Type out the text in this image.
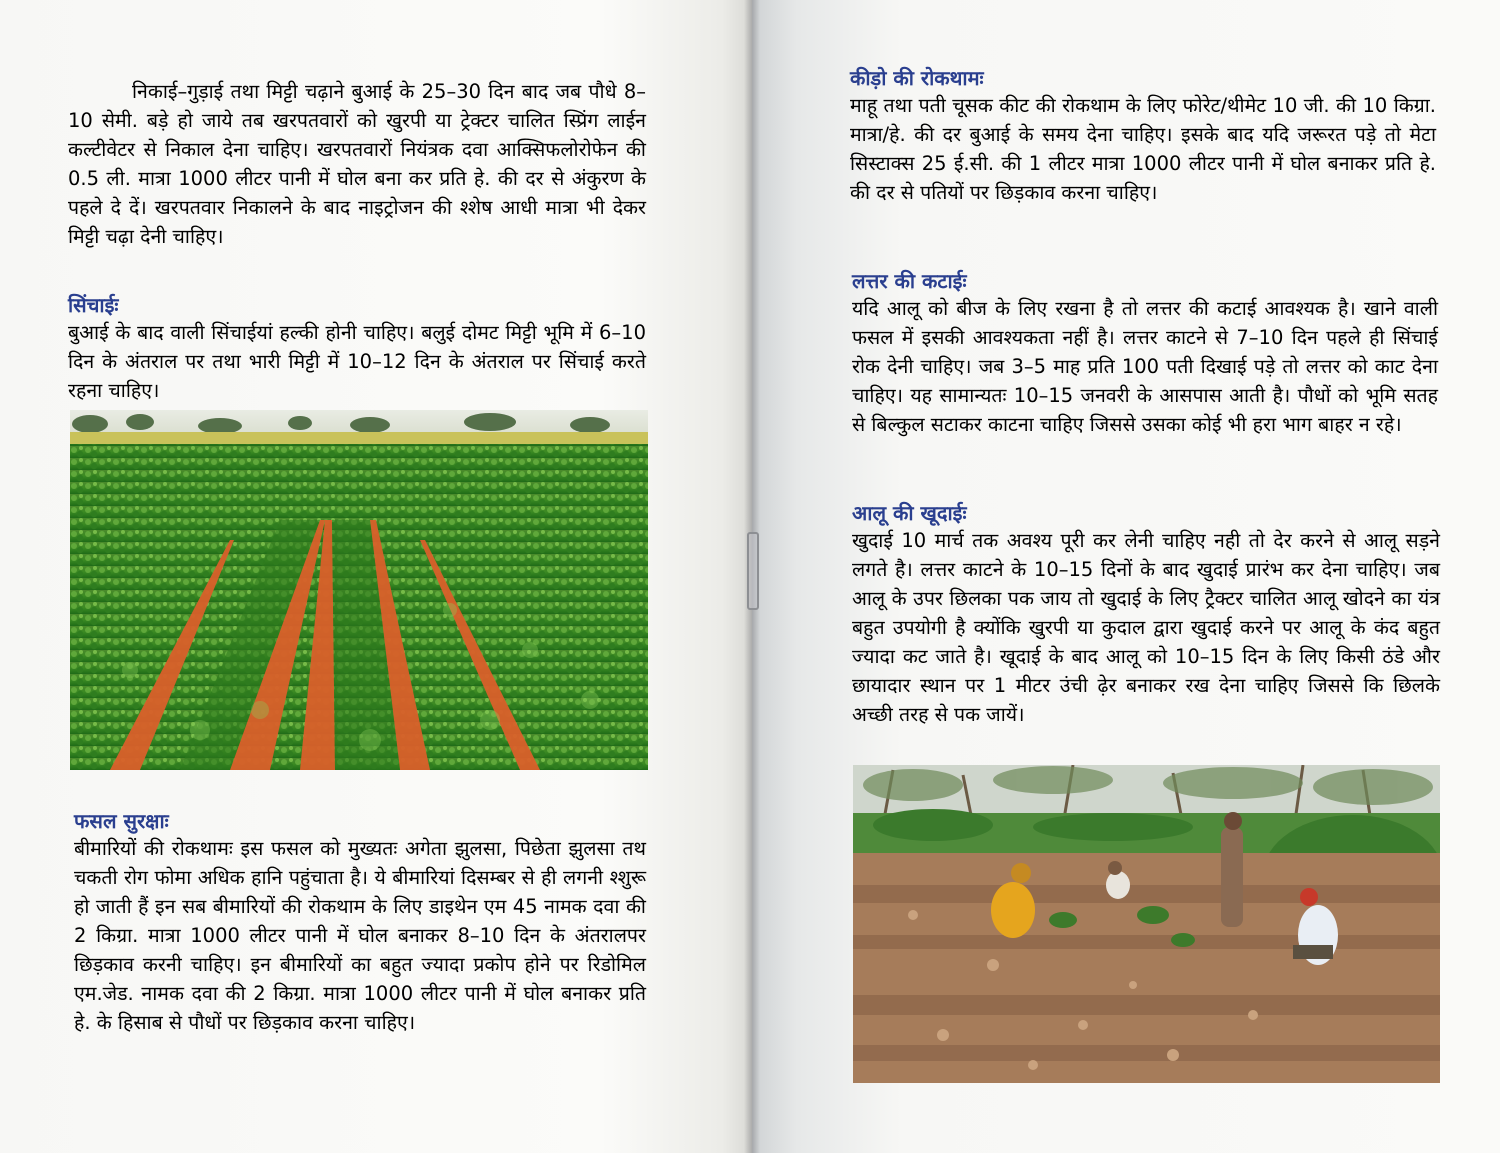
निकाई–गुड़ाई तथा मिट्टी चढ़ाने बुआई के 25–30 दिन बाद जब पौधे 8–10 सेमी. बड़े हो जाये तब खरपतवारों को खुरपी या ट्रेक्टर चालित स्प्रिंग लाईन कल्टीवेटर से निकाल देना चाहिए। खरपतवारों नियंत्रक दवा आक्सिफलोरोफेन की 0.5 ली. मात्रा 1000 लीटर पानी में घोल बना कर प्रति हे. की दर से अंकुरण के पहले दे दें। खरपतवार निकालने के बाद नाइट्रोजन की श्शेष आधी मात्रा भी देकर मिट्टी चढ़ा देनी चाहिए।

सिंचाईः

बुआई के बाद वाली सिंचाईयां हल्की होनी चाहिए। बलुई दोमट मिट्टी भूमि में 6–10 दिन के अंतराल पर तथा भारी मिट्टी में 10–12 दिन के अंतराल पर सिंचाई करते रहना चाहिए।

फसल सुरक्षाः

बीमारियों की रोकथामः इस फसल को मुख्यतः अगेता झुलसा, पिछेता झुलसा तथ चकती रोग फोमा अधिक हानि पहुंचाता है। ये बीमारियां दिसम्बर से ही लगनी श्शुरू हो जाती हैं इन सब बीमारियों की रोकथाम के लिए डाइथेन एम 45 नामक दवा की 2 किग्रा. मात्रा 1000 लीटर पानी में घोल बनाकर 8–10 दिन के अंतरालपर छिड़काव करनी चाहिए। इन बीमारियों का बहुत ज्यादा प्रकोप होने पर रिडोमिल एम.जेड. नामक दवा की 2 किग्रा. मात्रा 1000 लीटर पानी में घोल बनाकर प्रति हे. के हिसाब से पौधों पर छिड़काव करना चाहिए।

कीड़ो की रोकथामः

माहू तथा पती चूसक कीट की रोकथाम के लिए फोरेट/थीमेट 10 जी. की 10 किग्रा. मात्रा/हे. की दर बुआई के समय देना चाहिए। इसके बाद यदि जरूरत पड़े तो मेटा सिस्टाक्स 25 ई.सी. की 1 लीटर मात्रा 1000 लीटर पानी में घोल बनाकर प्रति हे. की दर से पतियों पर छिड़काव करना चाहिए।

लत्तर की कटाईः

यदि आलू को बीज के लिए रखना है तो लत्तर की कटाई आवश्यक है। खाने वाली फसल में इसकी आवश्यकता नहीं है। लत्तर काटने से 7–10 दिन पहले ही सिंचाई रोक देनी चाहिए। जब 3–5 माह प्रति 100 पती दिखाई पड़े तो लत्तर को काट देना चाहिए। यह सामान्यतः 10–15 जनवरी के आसपास आती है। पौधों को भूमि सतह से बिल्कुल सटाकर काटना चाहिए जिससे उसका कोई भी हरा भाग बाहर न रहे।

आलू की खूदाईः

खुदाई 10 मार्च तक अवश्य पूरी कर लेनी चाहिए नही तो देर करने से आलू सड़ने लगते है। लत्तर काटने के 10–15 दिनों के बाद खुदाई प्रारंभ कर देना चाहिए। जब आलू के उपर छिलका पक जाय तो खुदाई के लिए ट्रैक्टर चालित आलू खोदने का यंत्र बहुत उपयोगी है क्योंकि खुरपी या कुदाल द्वारा खुदाई करने पर आलू के कंद बहुत ज्यादा कट जाते है। खूदाई के बाद आलू को 10–15 दिन के लिए किसी ठंडे और छायादार स्थान पर 1 मीटर उंची ढ़ेर बनाकर रख देना चाहिए जिससे कि छिलके अच्छी तरह से पक जायें।
